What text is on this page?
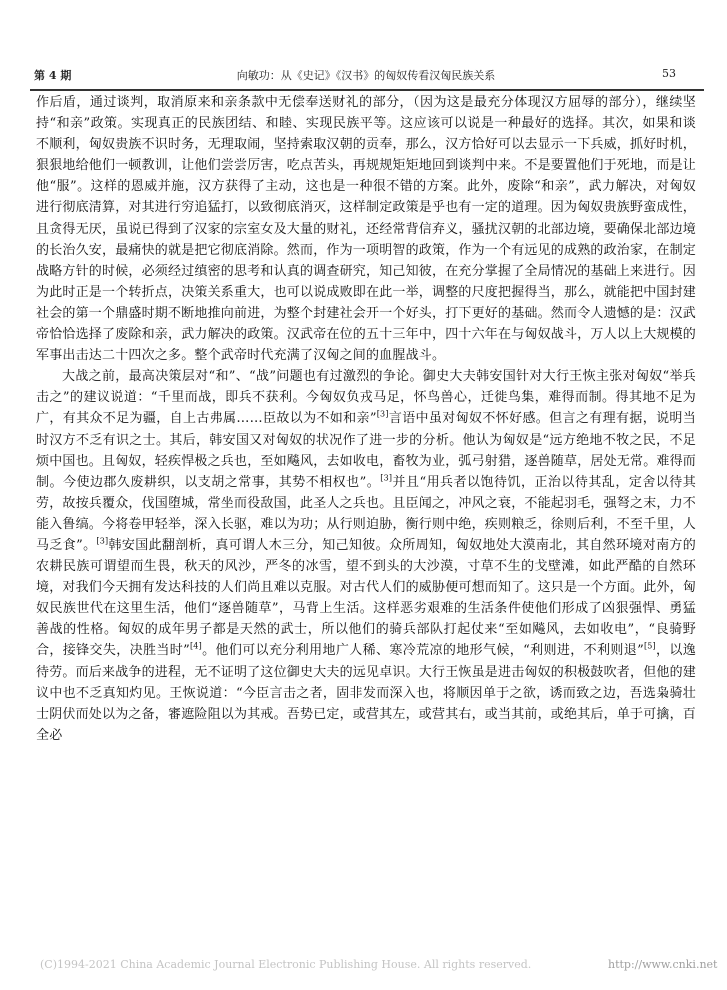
第 4 期	向敏功：从《史记》《汉书》的匈奴传看汉匈民族关系	53

作后盾，通过谈判，取消原来和亲条款中无偿奉送财礼的部分，（因为这是最充分体现汉方屈辱的部分），继续坚持“和亲”政策。实现真正的民族团结、和睦、实现民族平等。这应该可以说是一种最好的选择。其次，如果和谈不顺利，匈奴贵族不识时务，无理取闹，坚持索取汉朝的贡奉，那么，汉方恰好可以去显示一下兵威，抓好时机，狠狠地给他们一顿教训，让他们尝尝厉害，吃点苦头，再规规矩矩地回到谈判中来。不是要置他们于死地，而是让他“服”。这样的恩威并施，汉方获得了主动，这也是一种很不错的方案。此外，废除“和亲”，武力解决，对匈奴进行彻底清算，对其进行穷追猛打，以致彻底消灭，这样制定政策是乎也有一定的道理。因为匈奴贵族野蛮成性，且贪得无厌，虽说已得到了汉家的宗室女及大量的财礼，还经常背信弃义，骚扰汉朝的北部边境，要确保北部边境的长治久安，最痛快的就是把它彻底消除。然而，作为一项明智的政策，作为一个有远见的成熟的政治家，在制定战略方针的时候，必须经过缜密的思考和认真的调查研究，知己知彼，在充分掌握了全局情况的基础上来进行。因为此时正是一个转折点，决策关系重大，也可以说成败即在此一举，调整的尺度把握得当，那么，就能把中国封建社会的第一个鼎盛时期不断地推向前进，为整个封建社会开一个好头，打下更好的基础。然而令人遗憾的是：汉武帝恰恰选择了废除和亲，武力解决的政策。汉武帝在位的五十三年中，四十六年在与匈奴战斗，万人以上大规模的军事出击达二十四次之多。整个武帝时代充满了汉匈之间的血腥战斗。

大战之前，最高决策层对“和”、“战”问题也有过激烈的争论。御史大夫韩安国针对大行王恢主张对匈奴“举兵击之”的建议说道：“千里而战，即兵不获利。今匈奴负戎马足，怀鸟兽心，迁徙鸟集，难得而制。得其地不足为广，有其众不足为疆，自上古弗属……臣故以为不如和亲”[3]言语中虽对匈奴不怀好感。但言之有理有据，说明当时汉方不乏有识之士。其后，韩安国又对匈奴的状况作了进一步的分析。他认为匈奴是“远方绝地不牧之民，不足烦中国也。且匈奴，轻疾悍极之兵也，至如飚风，去如收电，畜牧为业，弧弓射猎，逐兽随草，居处无常。难得而制。今使边郡久废耕织，以支胡之常事，其势不相权也”。[3]并且“用兵者以饱待饥，正治以待其乱，定舍以待其劳，故按兵覆众，伐国堕城，常坐而役敌国，此圣人之兵也。且臣闻之，冲风之衰，不能起羽毛，强弩之末，力不能入鲁缟。今将卷甲轻举，深入长驱，难以为功；从行则迫胁，衡行则中绝，疾则粮乏，徐则后利，不至千里，人马乏食”。[3]韩安国此翻剖析，真可谓人木三分，知己知彼。众所周知，匈奴地处大漠南北，其自然环境对南方的农耕民族可谓望而生畏，秋天的风沙，严冬的冰雪，望不到头的大沙漠，寸草不生的戈壁滩，如此严酷的自然环境，对我们今天拥有发达科技的人们尚且难以克服。对古代人们的威胁便可想而知了。这只是一个方面。此外，匈奴民族世代在这里生活，他们“逐兽随草”，马背上生活。这样恶劣艰难的生活条件使他们形成了凶狠强悍、勇猛善战的性格。匈奴的成年男子都是天然的武士，所以他们的骑兵部队打起仗来“至如飚风，去如收电”，“良骑野合，接锋交失，决胜当时”[4]。他们可以充分利用地广人稀、寒冷荒凉的地形气候，“利则进，不利则退”[5]，以逸待劳。而后来战争的进程，无不证明了这位御史大夫的远见卓识。大行王恢虽是进击匈奴的积极鼓吹者，但他的建议中也不乏真知灼见。王恢说道：“今臣言击之者，固非发而深入也，将顺因单于之欲，诱而致之边，吾选枭骑壮士阴伏而处以为之备，審遮险阻以为其戒。吾势已定，或营其左，或营其右，或当其前，或绝其后，单于可擒，百全必

(C)1994-2021 China Academic Journal Electronic Publishing House. All rights reserved.	http://www.cnki.net
